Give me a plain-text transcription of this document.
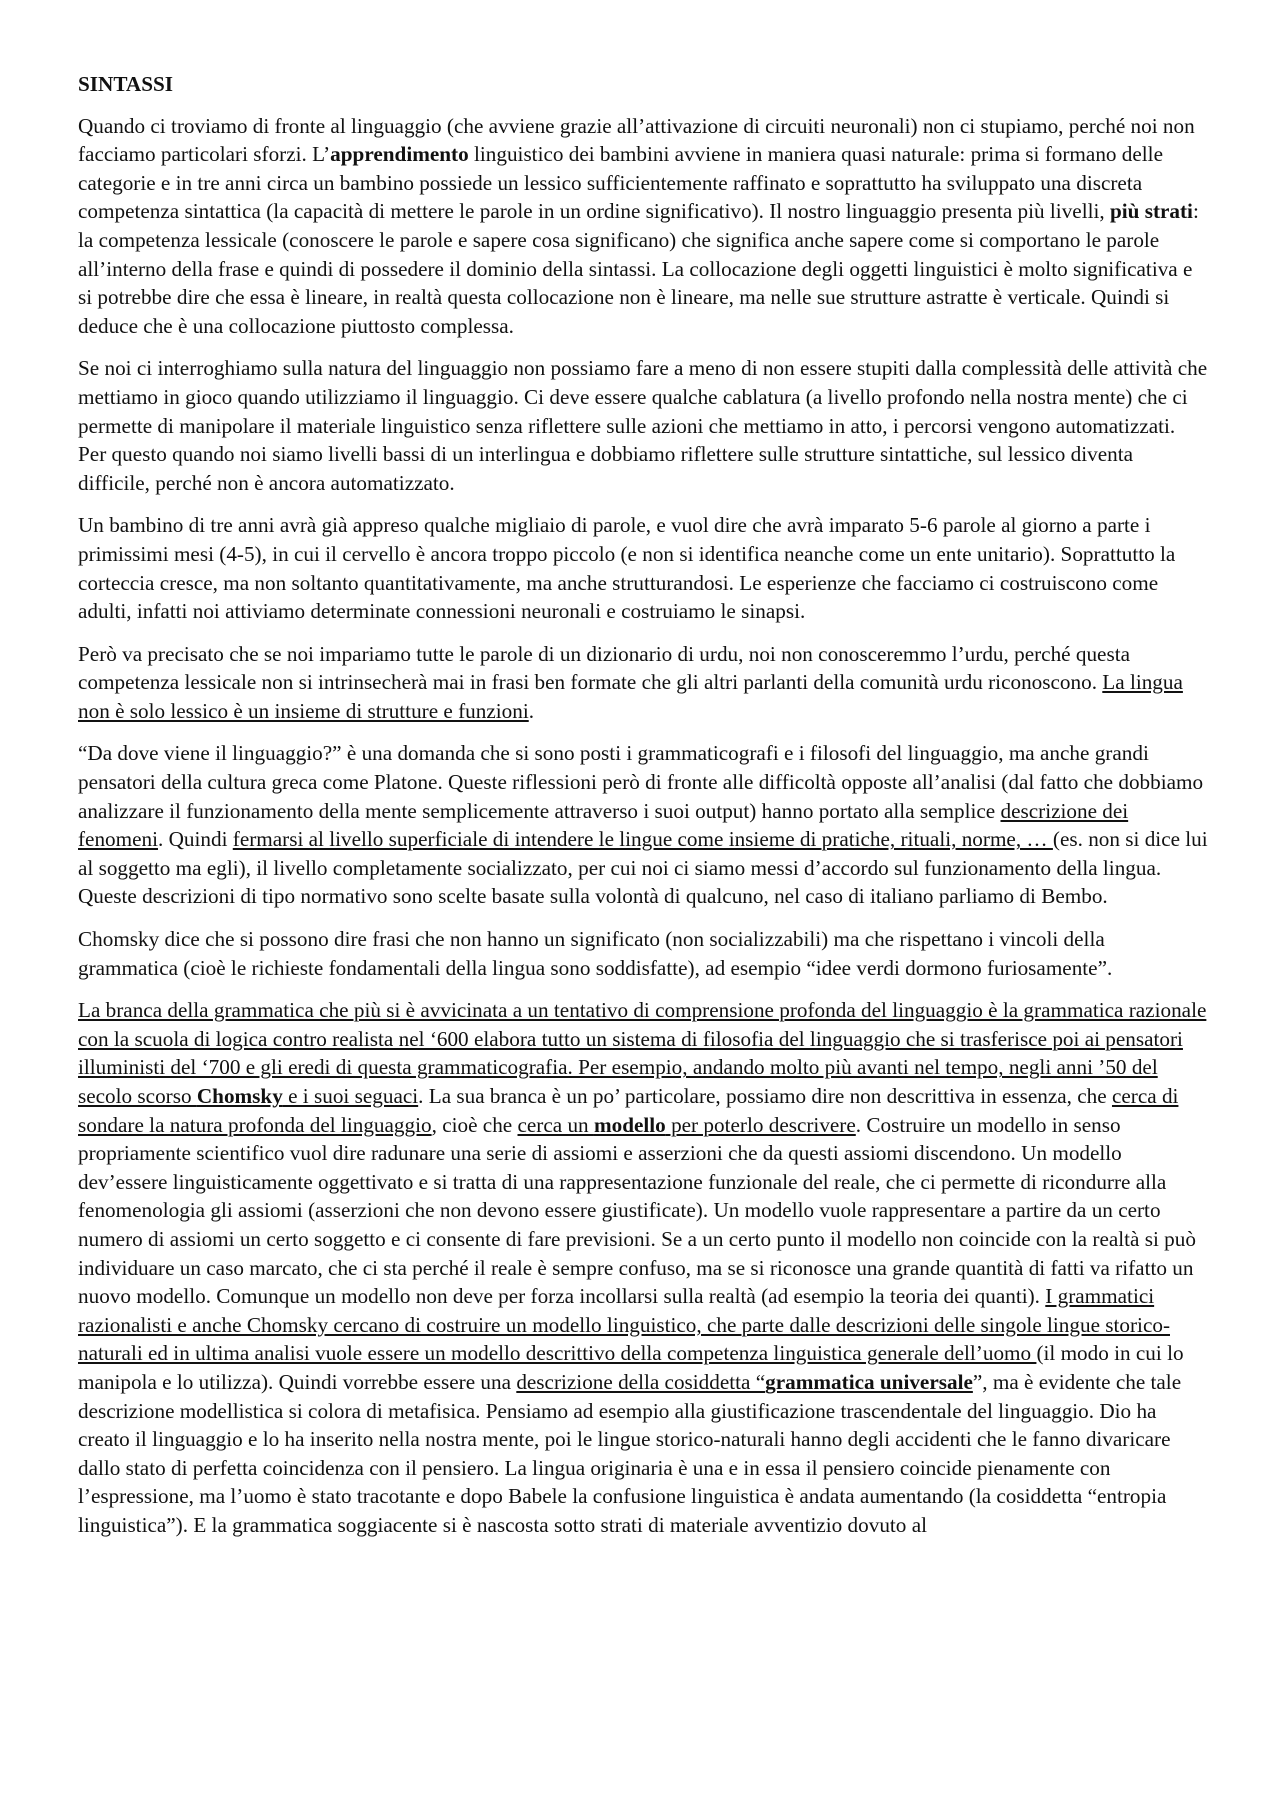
SINTASSI

Quando ci troviamo di fronte al linguaggio (che avviene grazie all’attivazione di circuiti neuronali) non ci stupiamo, perché noi non facciamo particolari sforzi. L’apprendimento linguistico dei bambini avviene in maniera quasi naturale: prima si formano delle categorie e in tre anni circa un bambino possiede un lessico sufficientemente raffinato e soprattutto ha sviluppato una discreta competenza sintattica (la capacità di mettere le parole in un ordine significativo). Il nostro linguaggio presenta più livelli, più strati: la competenza lessicale (conoscere le parole e sapere cosa significano) che significa anche sapere come si comportano le parole all’interno della frase e quindi di possedere il dominio della sintassi. La collocazione degli oggetti linguistici è molto significativa e si potrebbe dire che essa è lineare, in realtà questa collocazione non è lineare, ma nelle sue strutture astratte è verticale. Quindi si deduce che è una collocazione piuttosto complessa.

Se noi ci interroghiamo sulla natura del linguaggio non possiamo fare a meno di non essere stupiti dalla complessità delle attività che mettiamo in gioco quando utilizziamo il linguaggio. Ci deve essere qualche cablatura (a livello profondo nella nostra mente) che ci permette di manipolare il materiale linguistico senza riflettere sulle azioni che mettiamo in atto, i percorsi vengono automatizzati. Per questo quando noi siamo livelli bassi di un interlingua e dobbiamo riflettere sulle strutture sintattiche, sul lessico diventa difficile, perché non è ancora automatizzato.

Un bambino di tre anni avrà già appreso qualche migliaio di parole, e vuol dire che avrà imparato 5-6 parole al giorno a parte i primissimi mesi (4-5), in cui il cervello è ancora troppo piccolo (e non si identifica neanche come un ente unitario). Soprattutto la corteccia cresce, ma non soltanto quantitativamente, ma anche strutturandosi. Le esperienze che facciamo ci costruiscono come adulti, infatti noi attiviamo determinate connessioni neuronali e costruiamo le sinapsi.

Però va precisato che se noi impariamo tutte le parole di un dizionario di urdu, noi non conosceremmo l’urdu, perché questa competenza lessicale non si intrinsecherà mai in frasi ben formate che gli altri parlanti della comunità urdu riconoscono. La lingua non è solo lessico è un insieme di strutture e funzioni.

“Da dove viene il linguaggio?” è una domanda che si sono posti i grammaticografi e i filosofi del linguaggio, ma anche grandi pensatori della cultura greca come Platone. Queste riflessioni però di fronte alle difficoltà opposte all’analisi (dal fatto che dobbiamo analizzare il funzionamento della mente semplicemente attraverso i suoi output) hanno portato alla semplice descrizione dei fenomeni. Quindi fermarsi al livello superficiale di intendere le lingue come insieme di pratiche, rituali, norme, … (es. non si dice lui al soggetto ma egli), il livello completamente socializzato, per cui noi ci siamo messi d’accordo sul funzionamento della lingua. Queste descrizioni di tipo normativo sono scelte basate sulla volontà di qualcuno, nel caso di italiano parliamo di Bembo.

Chomsky dice che si possono dire frasi che non hanno un significato (non socializzabili) ma che rispettano i vincoli della grammatica (cioè le richieste fondamentali della lingua sono soddisfatte), ad esempio “idee verdi dormono furiosamente”.

La branca della grammatica che più si è avvicinata a un tentativo di comprensione profonda del linguaggio è la grammatica razionale con la scuola di logica contro realista nel ‘600 elabora tutto un sistema di filosofia del linguaggio che si trasferisce poi ai pensatori illuministi del ‘700 e gli eredi di questa grammaticografia. Per esempio, andando molto più avanti nel tempo, negli anni ’50 del secolo scorso Chomsky e i suoi seguaci. La sua branca è un po’ particolare, possiamo dire non descrittiva in essenza, che cerca di sondare la natura profonda del linguaggio, cioè che cerca un modello per poterlo descrivere. Costruire un modello in senso propriamente scientifico vuol dire radunare una serie di assiomi e asserzioni che da questi assiomi discendono. Un modello dev’essere linguisticamente oggettivato e si tratta di una rappresentazione funzionale del reale, che ci permette di ricondurre alla fenomenologia gli assiomi (asserzioni che non devono essere giustificate). Un modello vuole rappresentare a partire da un certo numero di assiomi un certo soggetto e ci consente di fare previsioni. Se a un certo punto il modello non coincide con la realtà si può individuare un caso marcato, che ci sta perché il reale è sempre confuso, ma se si riconosce una grande quantità di fatti va rifatto un nuovo modello. Comunque un modello non deve per forza incollarsi sulla realtà (ad esempio la teoria dei quanti). I grammatici razionalisti e anche Chomsky cercano di costruire un modello linguistico, che parte dalle descrizioni delle singole lingue storico-naturali ed in ultima analisi vuole essere un modello descrittivo della competenza linguistica generale dell’uomo (il modo in cui lo manipola e lo utilizza). Quindi vorrebbe essere una descrizione della cosiddetta “grammatica universale”, ma è evidente che tale descrizione modellistica si colora di metafisica. Pensiamo ad esempio alla giustificazione trascendentale del linguaggio. Dio ha creato il linguaggio e lo ha inserito nella nostra mente, poi le lingue storico-naturali hanno degli accidenti che le fanno divaricare dallo stato di perfetta coincidenza con il pensiero. La lingua originaria è una e in essa il pensiero coincide pienamente con l’espressione, ma l’uomo è stato tracotante e dopo Babele la confusione linguistica è andata aumentando (la cosiddetta “entropia linguistica”). E la grammatica soggiacente si è nascosta sotto strati di materiale avventizio dovuto al
